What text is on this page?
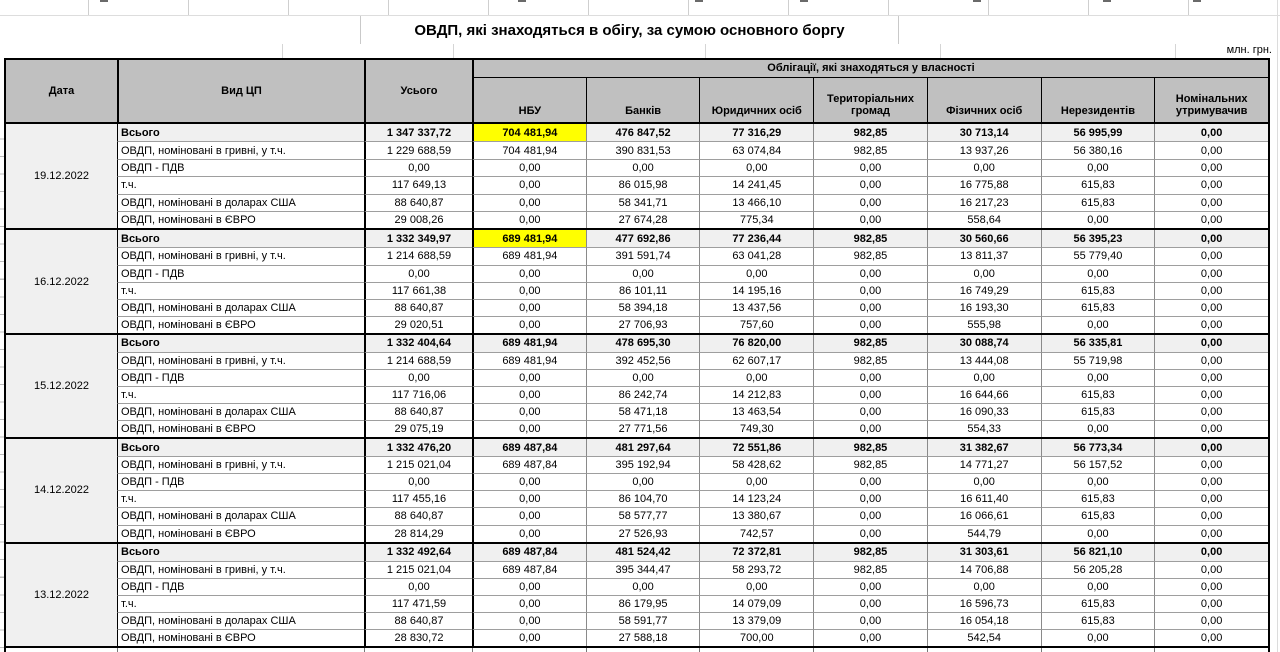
ОВДП, які знаходяться в обігу, за сумою основного боргу
млн. грн.
Дата	Вид ЦП	Усього
Облігації, які знаходяться у власності
НБУ	Банків	Юридичних осіб
Територіальних громад	Фізичних осіб	Нерезидентів
Номінальних утримувачив
19.12.2022
Всього	1 347 337,72	704 481,94	476 847,52	77 316,29	982,85	30 713,14	56 995,99	0,00
ОВДП, номіновані в гривні, у т.ч.	1 229 688,59	704 481,94	390 831,53	63 074,84	982,85	13 937,26	56 380,16	0,00
ОВДП - ПДВ	0,00	0,00	0,00	0,00	0,00	0,00	0,00	0,00
т.ч.	117 649,13	0,00	86 015,98	14 241,45	0,00	16 775,88	615,83	0,00
ОВДП, номіновані в доларах США	88 640,87	0,00	58 341,71	13 466,10	0,00	16 217,23	615,83	0,00
ОВДП, номіновані в ЄВРО	29 008,26	0,00	27 674,28	775,34	0,00	558,64	0,00	0,00
16.12.2022
Всього	1 332 349,97	689 481,94	477 692,86	77 236,44	982,85	30 560,66	56 395,23	0,00
ОВДП, номіновані в гривні, у т.ч.	1 214 688,59	689 481,94	391 591,74	63 041,28	982,85	13 811,37	55 779,40	0,00
ОВДП - ПДВ	0,00	0,00	0,00	0,00	0,00	0,00	0,00	0,00
т.ч.	117 661,38	0,00	86 101,11	14 195,16	0,00	16 749,29	615,83	0,00
ОВДП, номіновані в доларах США	88 640,87	0,00	58 394,18	13 437,56	0,00	16 193,30	615,83	0,00
ОВДП, номіновані в ЄВРО	29 020,51	0,00	27 706,93	757,60	0,00	555,98	0,00	0,00
15.12.2022
Всього	1 332 404,64	689 481,94	478 695,30	76 820,00	982,85	30 088,74	56 335,81	0,00
ОВДП, номіновані в гривні, у т.ч.	1 214 688,59	689 481,94	392 452,56	62 607,17	982,85	13 444,08	55 719,98	0,00
ОВДП - ПДВ	0,00	0,00	0,00	0,00	0,00	0,00	0,00	0,00
т.ч.	117 716,06	0,00	86 242,74	14 212,83	0,00	16 644,66	615,83	0,00
ОВДП, номіновані в доларах США	88 640,87	0,00	58 471,18	13 463,54	0,00	16 090,33	615,83	0,00
ОВДП, номіновані в ЄВРО	29 075,19	0,00	27 771,56	749,30	0,00	554,33	0,00	0,00
14.12.2022
Всього	1 332 476,20	689 487,84	481 297,64	72 551,86	982,85	31 382,67	56 773,34	0,00
ОВДП, номіновані в гривні, у т.ч.	1 215 021,04	689 487,84	395 192,94	58 428,62	982,85	14 771,27	56 157,52	0,00
ОВДП - ПДВ	0,00	0,00	0,00	0,00	0,00	0,00	0,00	0,00
т.ч.	117 455,16	0,00	86 104,70	14 123,24	0,00	16 611,40	615,83	0,00
ОВДП, номіновані в доларах США	88 640,87	0,00	58 577,77	13 380,67	0,00	16 066,61	615,83	0,00
ОВДП, номіновані в ЄВРО	28 814,29	0,00	27 526,93	742,57	0,00	544,79	0,00	0,00
13.12.2022
Всього	1 332 492,64	689 487,84	481 524,42	72 372,81	982,85	31 303,61	56 821,10	0,00
ОВДП, номіновані в гривні, у т.ч.	1 215 021,04	689 487,84	395 344,47	58 293,72	982,85	14 706,88	56 205,28	0,00
ОВДП - ПДВ	0,00	0,00	0,00	0,00	0,00	0,00	0,00	0,00
т.ч.	117 471,59	0,00	86 179,95	14 079,09	0,00	16 596,73	615,83	0,00
ОВДП, номіновані в доларах США	88 640,87	0,00	58 591,77	13 379,09	0,00	16 054,18	615,83	0,00
ОВДП, номіновані в ЄВРО	28 830,72	0,00	27 588,18	700,00	0,00	542,54	0,00	0,00
